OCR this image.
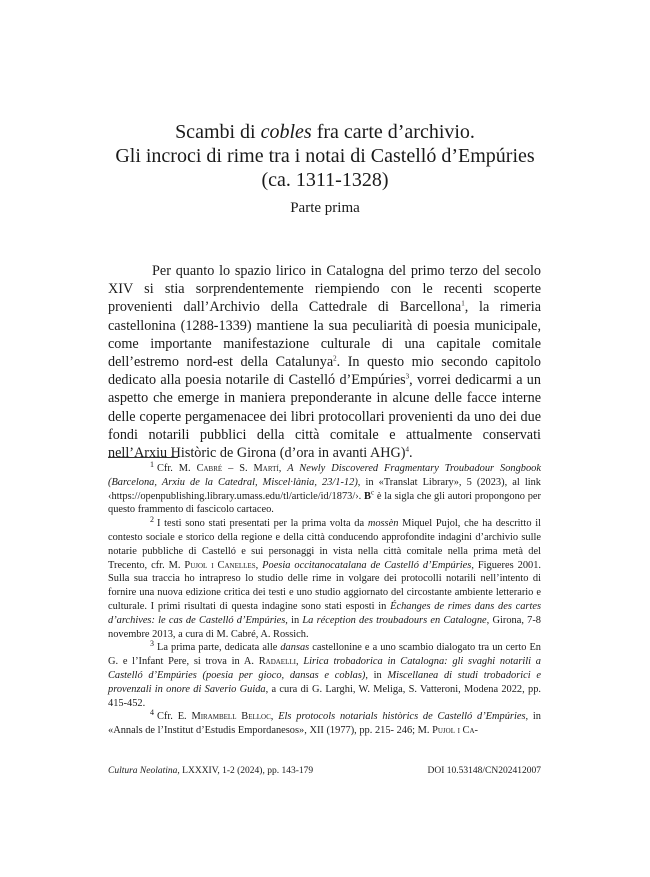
Scambi di cobles fra carte d’archivio.

Gli incroci di rime tra i notai di Castelló d’Empúries

(ca. 1311-1328)

Parte prima

Per quanto lo spazio lirico in Catalogna del primo terzo del secolo XIV si stia sorprendentemente riempiendo con le recenti scoperte provenienti dall’Archivio della Cattedrale di Barcellona$^1$, la rimeria castellonina (1288-1339) mantiene la sua peculiarità di poesia municipale, come importante manifestazione culturale di una capitale comitale dell’estremo nord-est della Catalunya$^2$. In questo mio secondo capitolo dedicato alla poesia notarile di Castelló d’Empúries$^3$, vorrei dedicarmi a un aspetto che emerge in maniera preponderante in alcune delle facce interne delle coperte pergamenacee dei libri protocollari provenienti da uno dei due fondi notarili pubblici della città comitale e attualmente conservati nell’Arxiu Històric de Girona (d’ora in avanti AHG)$^4$.

$^1$ Cfr. M. Cabré – S. Martí, A Newly Discovered Fragmentary Troubadour Songbook (Barcelona, Arxiu de la Catedral, Miscel·lània, 23/1-12), in «Translat Library», 5 (2023), al link ‹https://openpublishing.library.umass.edu/tl/article/id/1873/›. $B^c$ è la sigla che gli autori propongono per questo frammento di fascicolo cartaceo.

$^2$ I testi sono stati presentati per la prima volta da mossèn Miquel Pujol, che ha descritto il contesto sociale e storico della regione e della città conducendo approfondite indagini d’archivio sulle notarie pubbliche di Castelló e sui personaggi in vista nella città comitale nella prima metà del Trecento, cfr. M. Pujol i Canelles, Poesia occitanocatalana de Castelló d’Empúries, Figueres 2001. Sulla sua traccia ho intrapreso lo studio delle rime in volgare dei protocolli notarili nell’intento di fornire una nuova edizione critica dei testi e uno studio aggiornato del circostante ambiente letterario e culturale. I primi risultati di questa indagine sono stati esposti in Échanges de rimes dans des cartes d’archives: le cas de Castelló d’Empúries, in La réception des troubadours en Catalogne, Girona, 7-8 novembre 2013, a cura di M. Cabré, A. Rossich.

$^3$ La prima parte, dedicata alle dansas castellonine e a uno scambio dialogato tra un certo En G. e l’Infant Pere, si trova in A. Radaelli, Lirica trobadorica in Catalogna: gli svaghi notarili a Castelló d’Empúries (poesia per gioco, dansas e coblas), in Miscellanea di studi trobadorici e provenzali in onore di Saverio Guida, a cura di G. Larghi, W. Meliga, S. Vatteroni, Modena 2022, pp. 415-452.

$^4$ Cfr. E. Mirambell Belloc, Els protocols notarials històrics de Castelló d’Empúries, in «Annals de l’Institut d’Estudis Empordanesos», XII (1977), pp. 215- 246; M. Pujol i Ca-

Cultura Neolatina, LXXXIV, 1-2 (2024), pp. 143-179	DOI 10.53148/CN202412007
